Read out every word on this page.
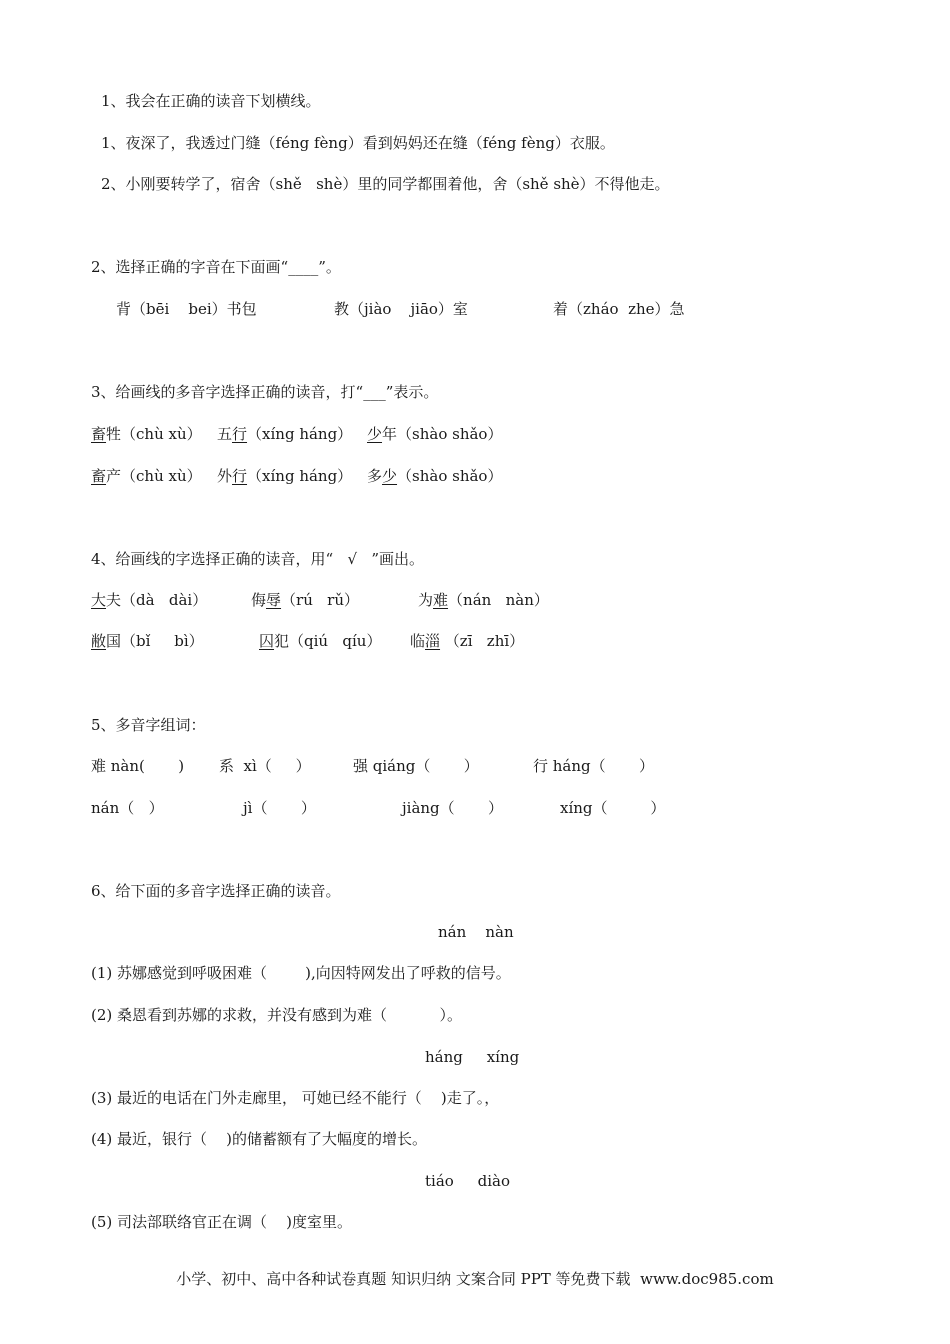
1、我会在正确的读音下划横线。
1、夜深了，我透过门缝（féng fèng）看到妈妈还在缝（féng fèng）衣服。
2、小刚要转学了，宿舍（shě   shè）里的同学都围着他，舍（shě shè）不得他走。
2、选择正确的字音在下面画“____”。
背（bēi    bei）书包	教（jiào    jiāo）室	着（zháo  zhe）急
3、给画线的多音字选择正确的读音，打“___”表示。
畜牲（chù xù） 五行（xíng háng） 少年（shào shǎo）
畜产（chù xù） 外行（xíng háng） 多少（shào shǎo）
4、给画线的字选择正确的读音，用“   √   ”画出。
大夫（dà   dài）	侮辱（rú   rǔ）	为难（nán   nàn）
敝国（bǐ     bì）	囚犯（qiú   qíu） 临淄 （zī   zhī）
5、多音字组词：
难 nàn(       ) 系  xì（     ）	强 qiáng（       ）	行 háng（       ）
nán（   ）	jì（       ）	jiàng（       ）	xíng（         ）
6、给下面的多音字选择正确的读音。
nán    nàn
(1) 苏娜感觉到呼吸困难（        ),向因特网发出了呼救的信号。
(2) 桑恩看到苏娜的求救，并没有感到为难（           ）。
háng     xíng
(3) 最近的电话在门外走廊里， 可她已经不能行（    )走了。，
(4) 最近，银行（    )的储蓄额有了大幅度的增长。
tiáo     diào
(5) 司法部联络官正在调（    )度室里。
小学、初中、高中各种试卷真题 知识归纳 文案合同 PPT 等免费下载  www.doc985.com
